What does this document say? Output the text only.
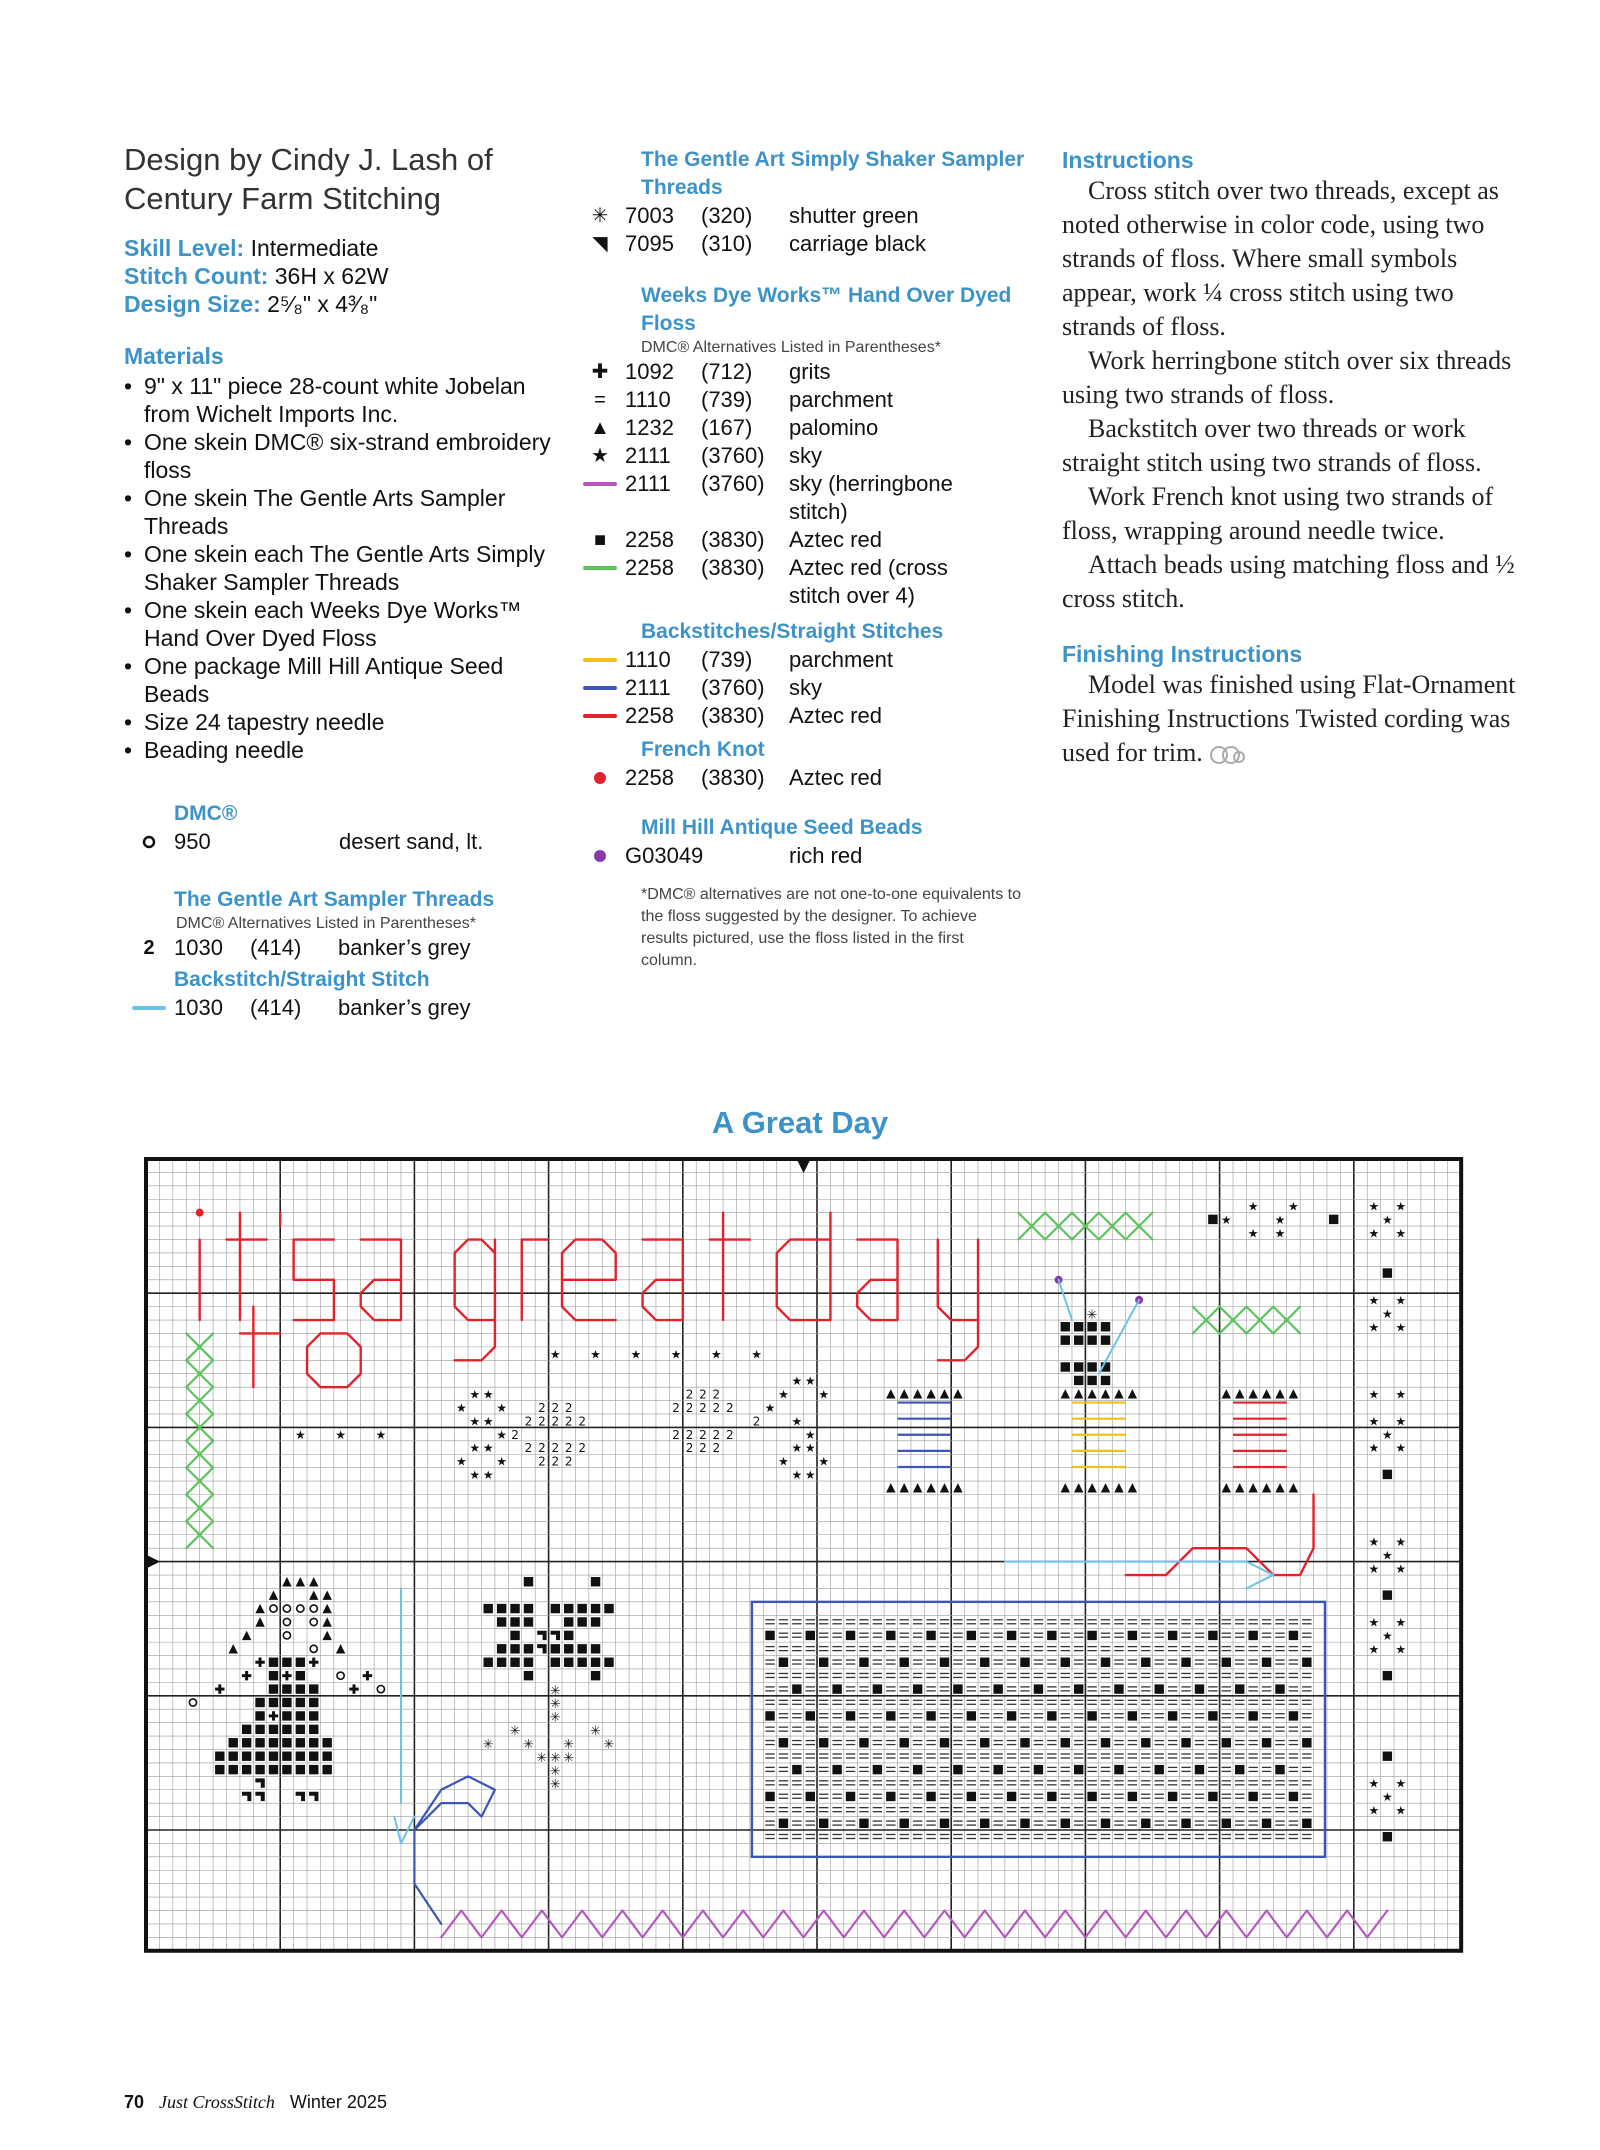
Design by Cindy J. Lash of
Century Farm Stitching
Skill Level: Intermediate
Stitch Count: 36H x 62W
Design Size: 2⁵⁄₈" x 4³⁄₈"
Materials
• 9" x 11" piece 28-count white Jobelan from Wichelt Imports Inc.
• One skein DMC® six-strand embroidery floss
• One skein The Gentle Arts Sampler Threads
• One skein each The Gentle Arts Simply Shaker Sampler Threads
• One skein each Weeks Dye Works™ Hand Over Dyed Floss
• One package Mill Hill Antique Seed Beads
• Size 24 tapestry needle
• Beading needle
DMC®
950	desert sand, lt.
The Gentle Art Sampler Threads
DMC® Alternatives Listed in Parentheses*
2 1030	(414)	banker’s grey
Backstitch/Straight Stitch
1030	(414)	banker’s grey
The Gentle Art Simply Shaker Sampler Threads
✳ 7003	(320)	shutter green
◥ 7095	(310)	carriage black
Weeks Dye Works™ Hand Over Dyed Floss
DMC® Alternatives Listed in Parentheses*
✚ 1092	(712)	grits
= 1110	(739)	parchment
▲ 1232	(167)	palomino
★ 2111	(3760)	sky
2111	(3760)	sky (herringbone
stitch)
■ 2258	(3830)	Aztec red
2258	(3830)	Aztec red (cross
stitch over 4)
Backstitches/Straight Stitches
1110	(739)	parchment
2111	(3760)	sky
2258	(3830)	Aztec red
French Knot
2258	(3830)	Aztec red
Mill Hill Antique Seed Beads
G03049	rich red
*DMC® alternatives are not one-to-one equivalents to the floss suggested by the designer. To achieve results pictured, use the floss listed in the first column.
Instructions

Cross stitch over two threads, except as noted otherwise in color code, using two strands of floss. Where small symbols appear, work ¼ cross stitch using two strands of floss.

Work herringbone stitch over six threads using two strands of floss.

Backstitch over two threads or work straight stitch using two strands of floss.

Work French knot using two strands of floss, wrapping around needle twice.

Attach beads using matching floss and ½ cross stitch.

Finishing Instructions

Model was finished using Flat-Ornament Finishing Instructions Twisted cording was used for trim.

A Great Day
★ ★ ★ ★ ★ ★
★ ★ ★
★ ★
★ ★
★ ★
★
★ ★
★ ★
★ ★
★ ★
★ ★
★
★
★
★ ★
★ ★
★ ★
2 2 2
2 2 2 2 2
2
2 2 2 2 2
2 2 2
2 2 2
2 2 2 2 2
2
2 2 2 2 2
2 2 2
★ ★
★
★ ★
★ ★
★
★ ★
★ ★
★ ★
★
★ ★
★ ★
★
★ ★
★ ★
★
★ ★
★ ★
★
★ ★
★
★
★ ★
★
★
✳
✳
✳
✳
✳
✳
✳ ✳ ✳ ✳
✳ ✳ ✳
✳
✳
70 Just CrossStitch Winter 2025
